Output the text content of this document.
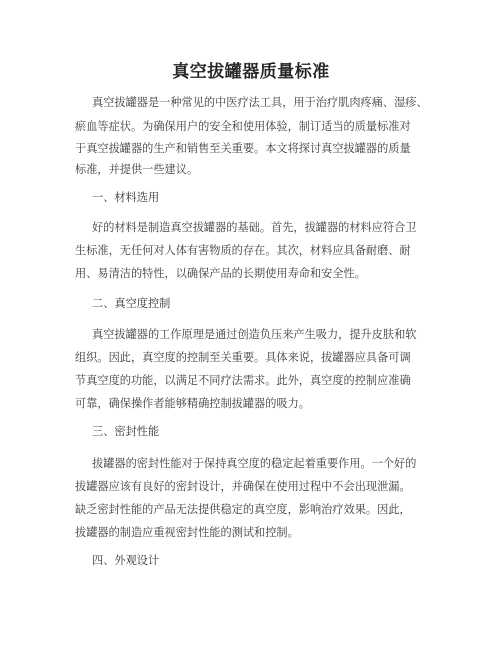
真空拔罐器质量标准
真空拔罐器是一种常见的中医疗法工具，用于治疗肌肉疼痛、湿疹、
瘀血等症状。为确保用户的安全和使用体验，制订适当的质量标准对
于真空拔罐器的生产和销售至关重要。本文将探讨真空拔罐器的质量
标准，并提供一些建议。
一、材料选用
好的材料是制造真空拔罐器的基础。首先，拔罐器的材料应符合卫
生标准，无任何对人体有害物质的存在。其次，材料应具备耐磨、耐
用、易清洁的特性，以确保产品的长期使用寿命和安全性。
二、真空度控制
真空拔罐器的工作原理是通过创造负压来产生吸力，提升皮肤和软
组织。因此，真空度的控制至关重要。具体来说，拔罐器应具备可调
节真空度的功能，以满足不同疗法需求。此外，真空度的控制应准确
可靠，确保操作者能够精确控制拔罐器的吸力。
三、密封性能
拔罐器的密封性能对于保持真空度的稳定起着重要作用。一个好的
拔罐器应该有良好的密封设计，并确保在使用过程中不会出现泄漏。
缺乏密封性能的产品无法提供稳定的真空度，影响治疗效果。因此，
拔罐器的制造应重视密封性能的测试和控制。
四、外观设计
